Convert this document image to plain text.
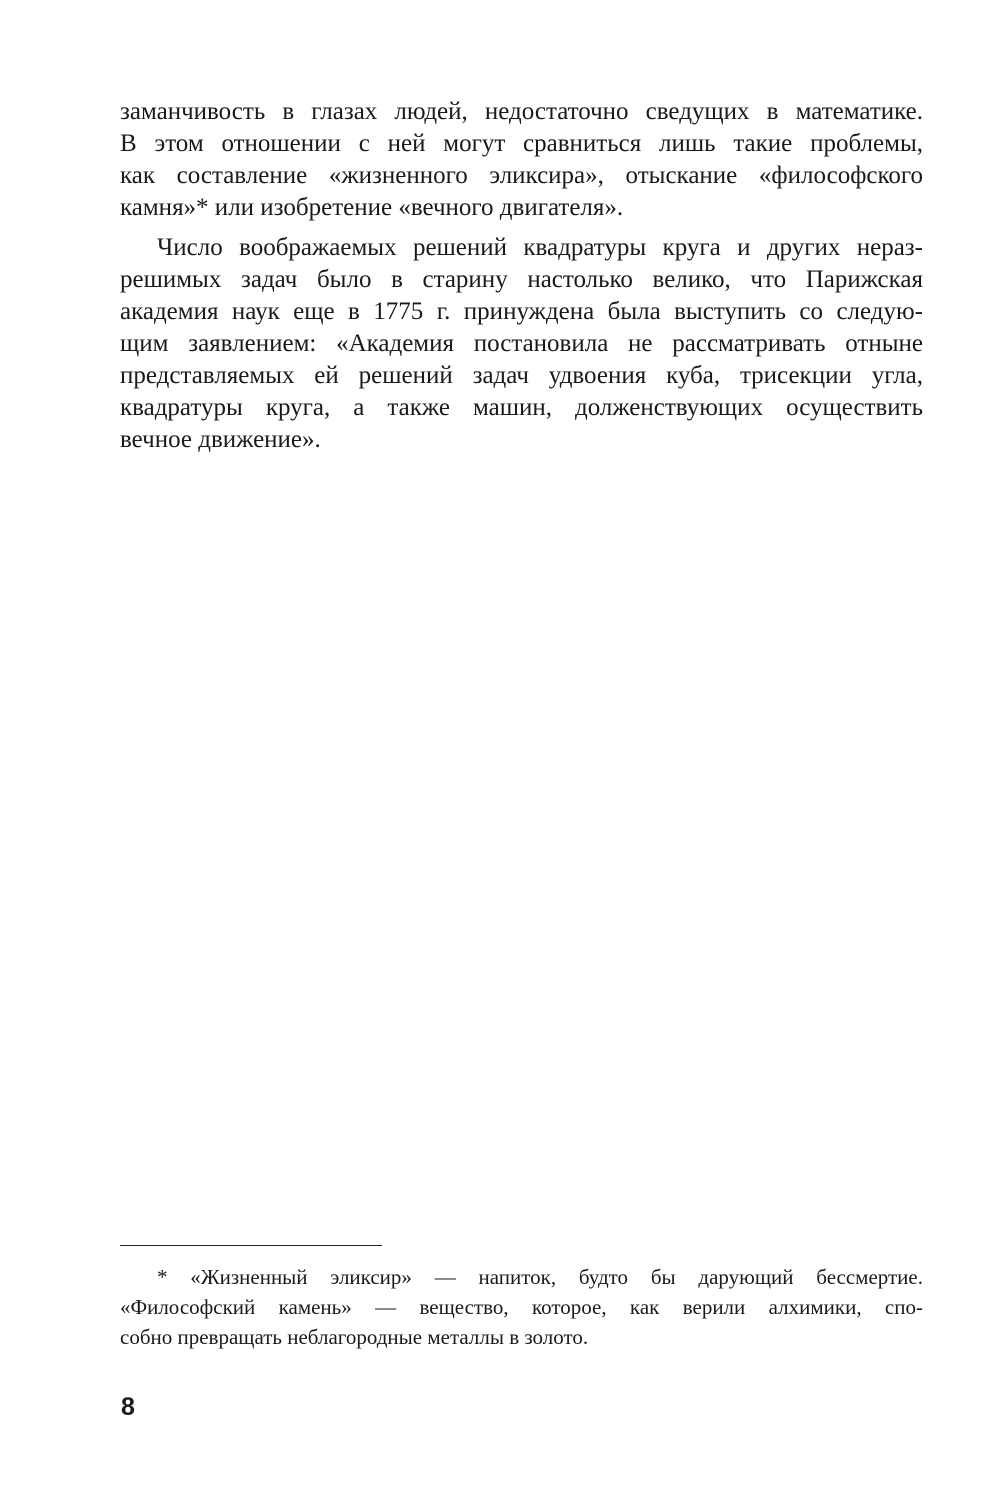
заманчивость в глазах людей, недостаточно сведущих в математике.

В этом отношении с ней могут сравниться лишь такие проблемы,

как составление «жизненного эликсира», отыскание «философского

камня»* или изобретение «вечного двигателя».

Число воображаемых решений квадратуры круга и других нераз-

решимых задач было в старину настолько велико, что Парижская

академия наук еще в 1775 г. принуждена была выступить со следую-

щим заявлением: «Академия постановила не рассматривать отныне

представляемых ей решений задач удвоения куба, трисекции угла,

квадратуры круга, а также машин, долженствующих осуществить

вечное движение».

* «Жизненный эликсир» — напиток, будто бы дарующий бессмертие.

«Философский камень» — вещество, которое, как верили алхимики, спо-

собно превращать неблагородные металлы в золото.

8
